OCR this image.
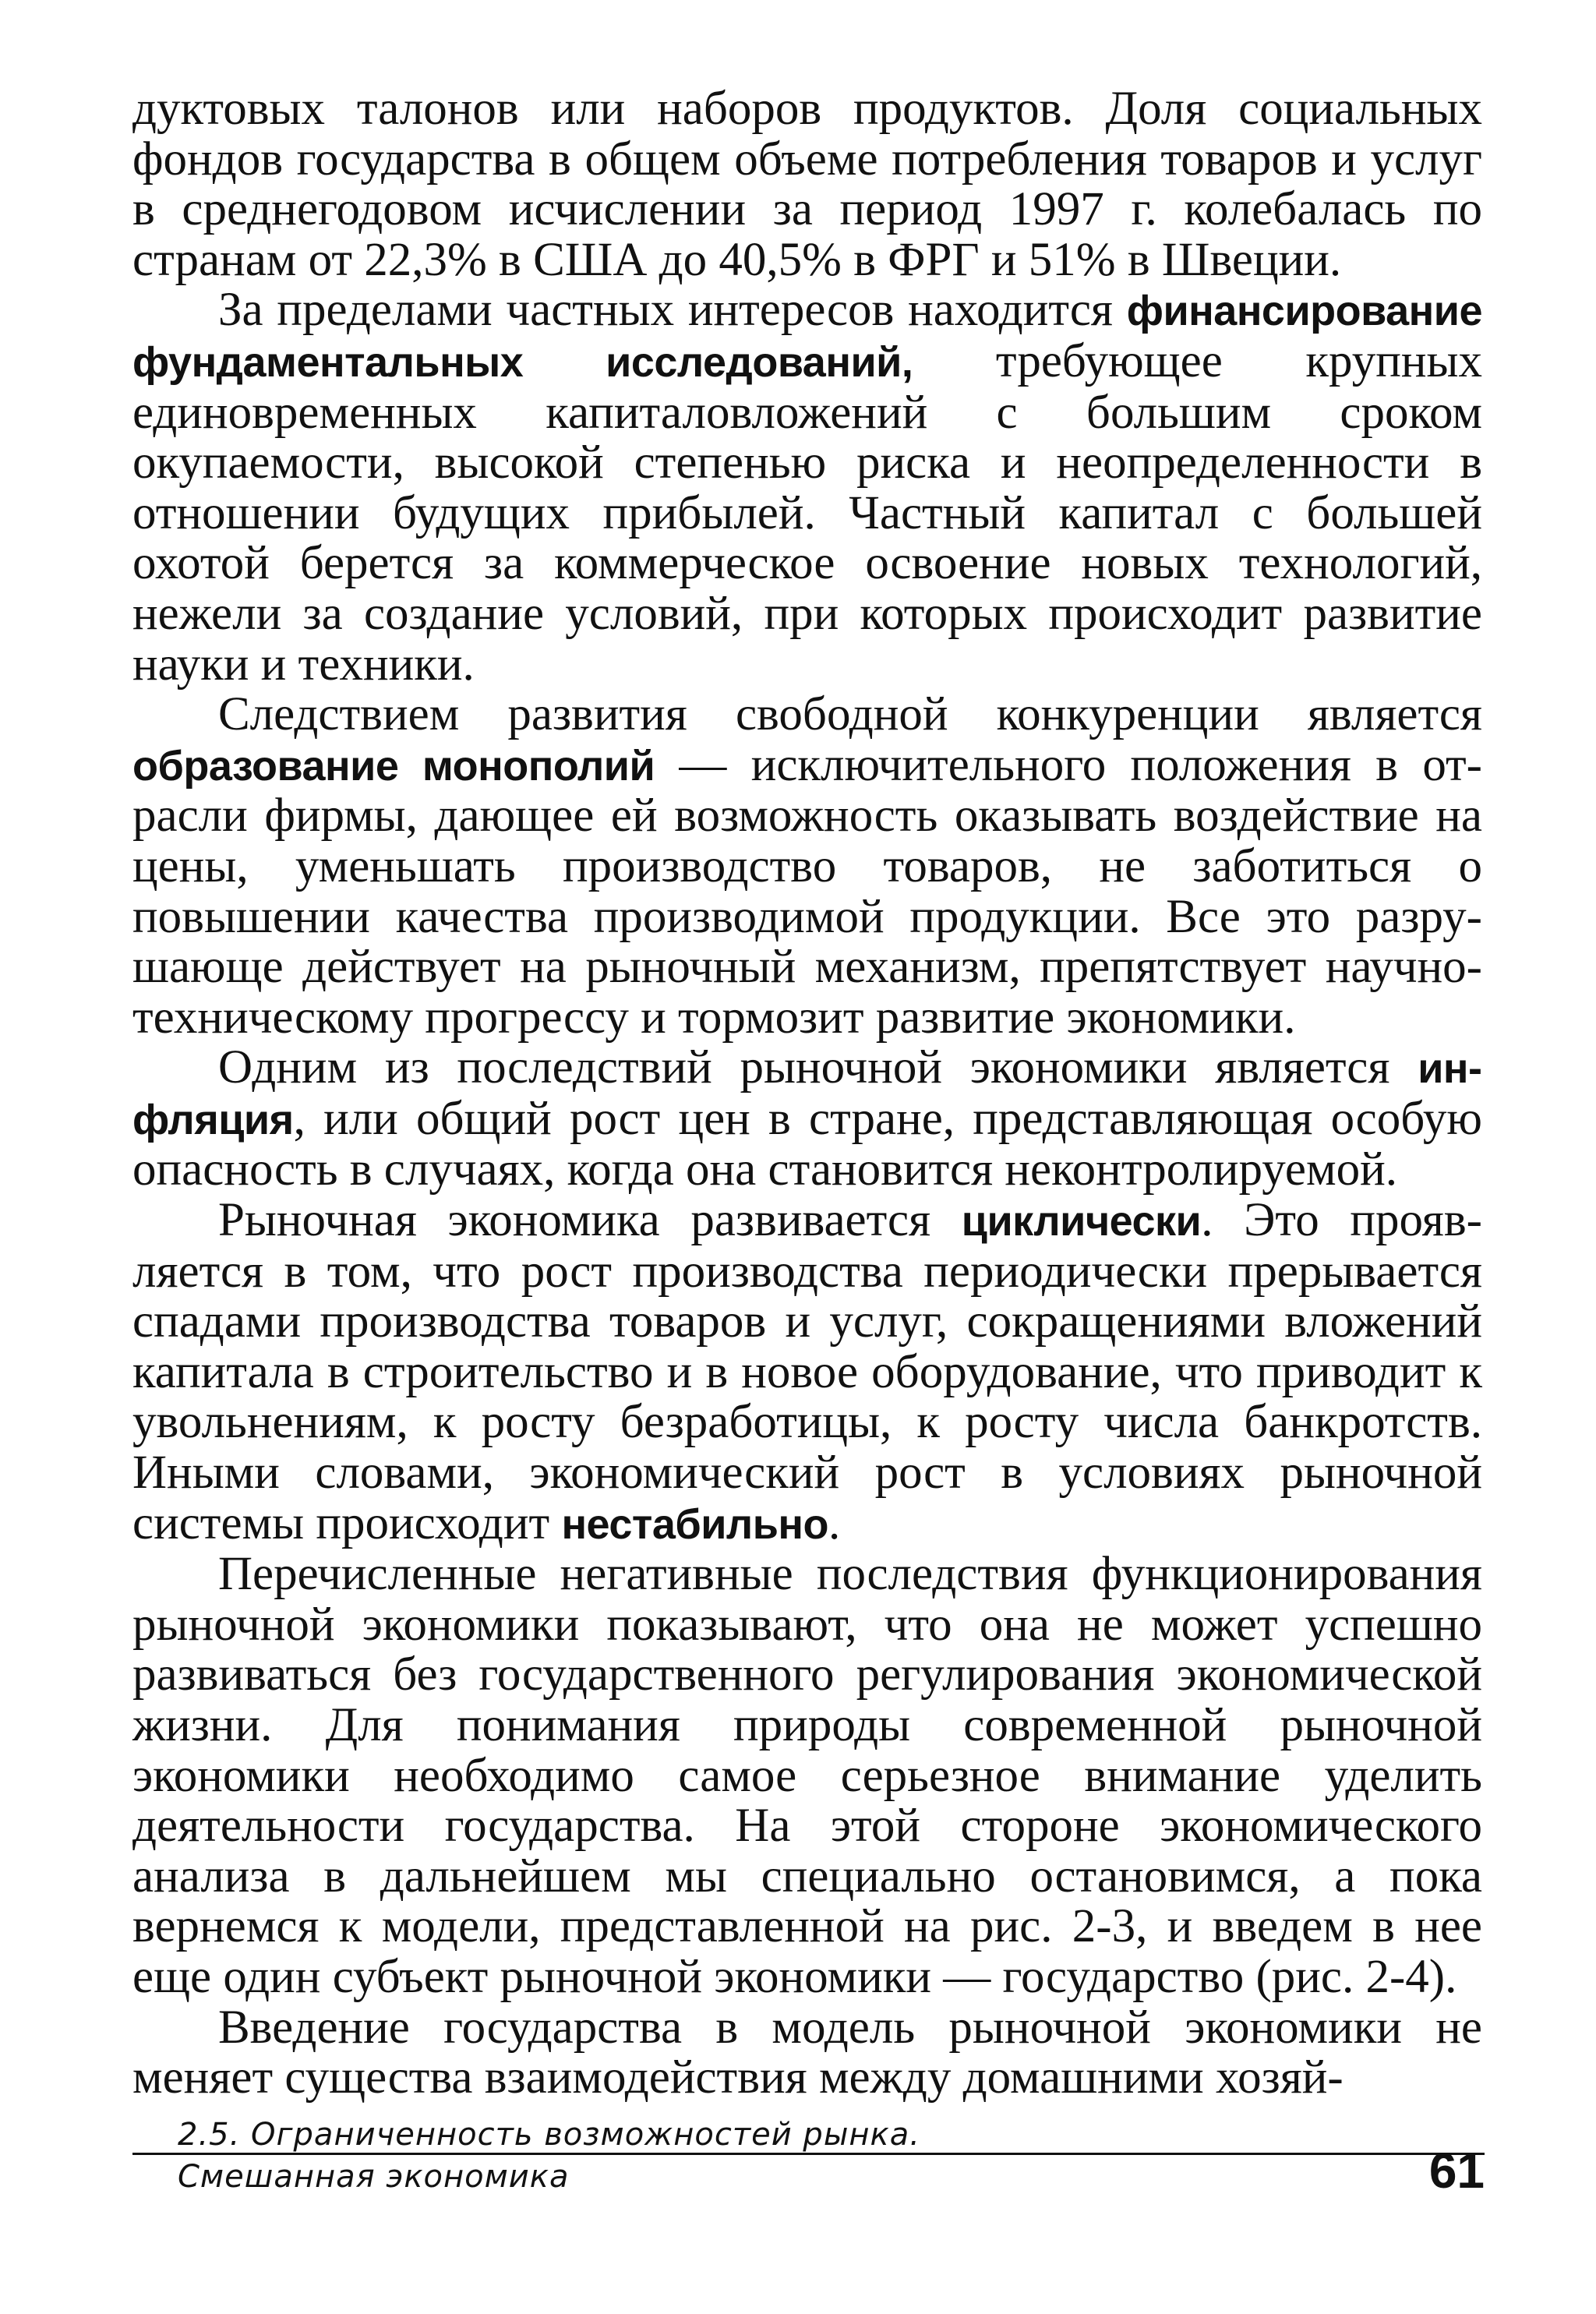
дуктовых талонов или наборов продуктов. Доля социальных фондов государства в общем объеме потребления товаров и услуг в среднегодовом исчислении за период 1997 г. колебалась по странам от 22,3% в США до 40,5% в ФРГ и 51% в Швеции.

За пределами частных интересов находится финансирование фундаментальных исследований, требующее крупных единовременных капиталовложений с большим сроком окупаемости, высокой степенью риска и неопределенности в отношении будущих прибылей. Частный капитал с большей охотой берется за коммерческое освоение новых технологий, нежели за создание условий, при которых происходит развитие науки и техники.

Следствием развития свободной конкуренции является образование монополий — исключительного положения в отрасли фирмы, дающее ей возможность оказывать воздействие на цены, уменьшать производство товаров, не заботиться о повышении качества производимой продукции. Все это разрушающе действует на рыночный механизм, препятствует научно-техническому прогрессу и тормозит развитие экономики.

Одним из последствий рыночной экономики является инфляция, или общий рост цен в стране, представляющая особую опасность в случаях, когда она становится неконтролируемой.

Рыночная экономика развивается циклически. Это проявляется в том, что рост производства периодически прерывается спадами производства товаров и услуг, сокращениями вложений капитала в строительство и в новое оборудование, что приводит к увольнениям, к росту безработицы, к росту числа банкротств. Иными словами, экономический рост в условиях рыночной системы происходит нестабильно.

Перечисленные негативные последствия функционирования рыночной экономики показывают, что она не может успешно развиваться без государственного регулирования экономической жизни. Для понимания природы современной рыночной экономики необходимо самое серьезное внимание уделить деятельности государства. На этой стороне экономического анализа в дальнейшем мы специально остановимся, а пока вернемся к модели, представленной на рис. 2-3, и введем в нее еще один субъект рыночной экономики — государство (рис. 2-4).

Введение государства в модель рыночной экономики не меняет существа взаимодействия между домашними хозяй-

2.5. Ограниченность возможностей рынка.
Смешанная экономика	61
